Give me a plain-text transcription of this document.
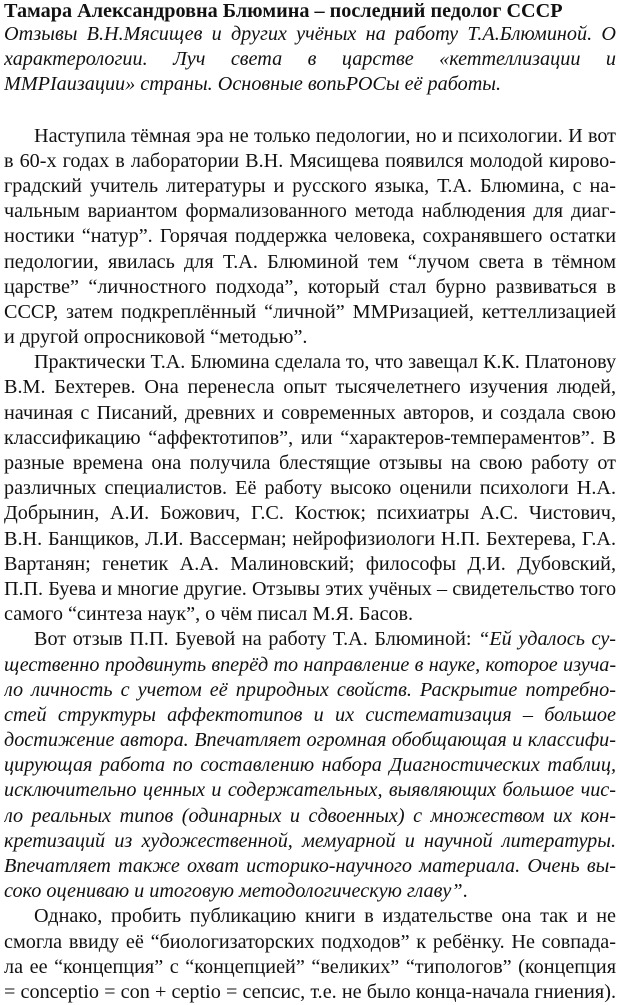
Тамара Александровна Блюмина – последний педолог СССР
Отзывы В.Н.Мясищев и других учёных на работу Т.А.Блюминой. О
характерологии. Луч света в царстве «кеттеллизации и
ММРІаизации» страны. Основные вопьРОСы её работы.
Наступила тёмная эра не только педологии, но и психологии. И вот
в 60-х годах в лаборатории В.Н. Мясищева появился молодой кирово-
градский учитель литературы и русского языка, Т.А. Блюмина, с на-
чальным вариантом формализованного метода наблюдения для диаг-
ностики “натур”. Горячая поддержка человека, сохранявшего остатки
педологии, явилась для Т.А. Блюминой тем “лучом света в тёмном
царстве” “личностного подхода”, который стал бурно развиваться в
СССР, затем подкреплённый “личной” ММРизацией, кеттеллизацией
и другой опросниковой “методью”.
Практически Т.А. Блюмина сделала то, что завещал К.К. Платонову
В.М. Бехтерев. Она перенесла опыт тысячелетнего изучения людей,
начиная с Писаний, древних и современных авторов, и создала свою
классификацию “аффектотипов”, или “характеров-темпераментов”. В
разные времена она получила блестящие отзывы на свою работу от
различных специалистов. Её работу высоко оценили психологи Н.А.
Добрынин, А.И. Божович, Г.С. Костюк; психиатры А.С. Чистович,
В.Н. Банщиков, Л.И. Вассерман; нейрофизиологи Н.П. Бехтерева, Г.А.
Вартанян; генетик А.А. Малиновский; философы Д.И. Дубовский,
П.П. Буева и многие другие. Отзывы этих учёных – свидетельство того
самого “синтеза наук”, о чём писал М.Я. Басов.
Вот отзыв П.П. Буевой на работу Т.А. Блюминой: “Ей удалось су-
щественно продвинуть вперёд то направление в науке, которое изуча-
ло личность с учетом её природных свойств. Раскрытие потребно-
стей структуры аффектотипов и их систематизация – большое
достижение автора. Впечатляет огромная обобщающая и классифи-
цирующая работа по составлению набора Диагностических таблиц,
исключительно ценных и содержательных, выявляющих большое чис-
ло реальных типов (одинарных и сдвоенных) с множеством их кон-
кретизаций из художественной, мемуарной и научной литературы.
Впечатляет также охват историко-научного материала. Очень вы-
соко оцениваю и итоговую методологическую главу”.
Однако, пробить публикацию книги в издательстве она так и не
смогла ввиду её “биологизаторских подходов” к ребёнку. Не совпада-
ла ее “концепция” с “концепцией” “великих” “типологов” (концепция
= conceptio = con + ceptio = сепсис, т.е. не было конца-начала гниения).
